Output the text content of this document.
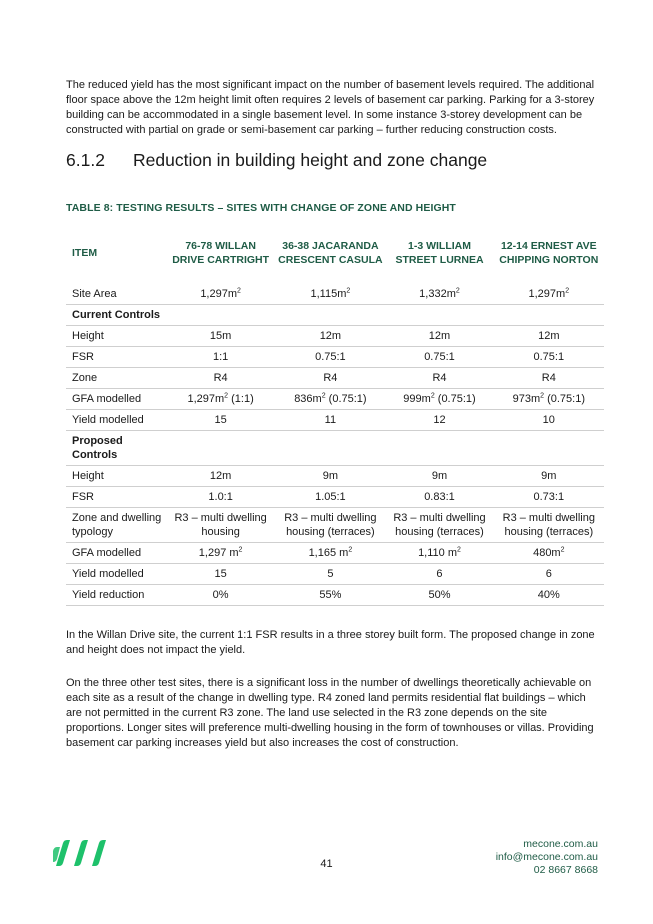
The reduced yield has the most significant impact on the number of basement levels required. The additional floor space above the 12m height limit often requires 2 levels of basement car parking. Parking for a 3-storey building can be accommodated in a single basement level. In some instance 3-storey development can be constructed with partial on grade or semi-basement car parking – further reducing construction costs.

6.1.2 Reduction in building height and zone change
TABLE 8: TESTING RESULTS – SITES WITH CHANGE OF ZONE AND HEIGHT
ITEM	76-78 WILLAN DRIVE CARTRIGHT	36-38 JACARANDA CRESCENT CASULA	1-3 WILLIAM STREET LURNEA	12-14 ERNEST AVE CHIPPING NORTON
Site Area	$1,297m^2$	$1,115m^2$	$1,332m^2$	$1,297m^2$
Current Controls				
Height	15m	12m	12m	12m
FSR	1:1	0.75:1	0.75:1	0.75:1
Zone	R4	R4	R4	R4
GFA modelled	$1,297m^2$ (1:1)	$836m^2$ (0.75:1)	$999m^2$ (0.75:1)	$973m^2$ (0.75:1)
Yield modelled	15	11	12	10
Proposed Controls				
Height	12m	9m	9m	9m
FSR	1.0:1	1.05:1	0.83:1	0.73:1
Zone and dwelling typology	R3 – multi dwelling housing	R3 – multi dwelling housing (terraces)	R3 – multi dwelling housing (terraces)	R3 – multi dwelling housing (terraces)
GFA modelled	1,297 $m^2$	1,165 $m^2$	1,110 $m^2$	$480m^2$
Yield modelled	15	5	6	6
Yield reduction	0%	55%	50%	40%

In the Willan Drive site, the current 1:1 FSR results in a three storey built form. The proposed change in zone and height does not impact the yield.

On the three other test sites, there is a significant loss in the number of dwellings theoretically achievable on each site as a result of the change in dwelling type. R4 zoned land permits residential flat buildings – which are not permitted in the current R3 zone. The land use selected in the R3 zone depends on the site proportions. Longer sites will preference multi-dwelling housing in the form of townhouses or villas. Providing basement car parking increases yield but also increases the cost of construction.

41
mecone.com.au
info@mecone.com.au
02 8667 8668
